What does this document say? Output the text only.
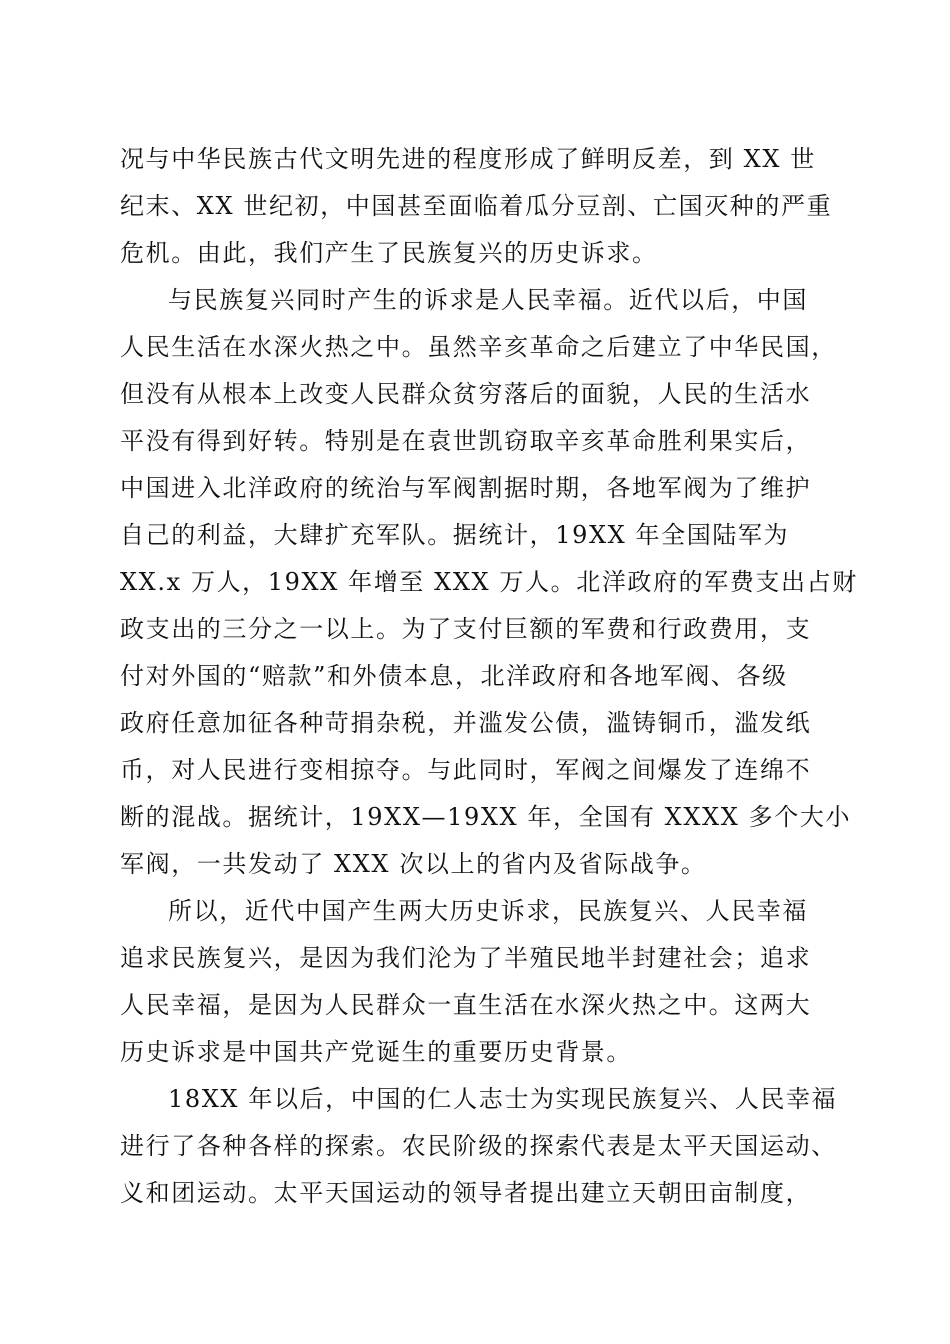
况与中华民族古代文明先进的程度形成了鲜明反差，到 XX 世
纪末、XX 世纪初，中国甚至面临着瓜分豆剖、亡国灭种的严重
危机。由此，我们产生了民族复兴的历史诉求。
与民族复兴同时产生的诉求是人民幸福。近代以后，中国
人民生活在水深火热之中。虽然辛亥革命之后建立了中华民国，
但没有从根本上改变人民群众贫穷落后的面貌，人民的生活水
平没有得到好转。特别是在袁世凯窃取辛亥革命胜利果实后，
中国进入北洋政府的统治与军阀割据时期，各地军阀为了维护
自己的利益，大肆扩充军队。据统计，19XX 年全国陆军为
XX.x 万人，19XX 年增至 XXX 万人。北洋政府的军费支出占财
政支出的三分之一以上。为了支付巨额的军费和行政费用，支
付对外国的“赔款”和外债本息，北洋政府和各地军阀、各级
政府任意加征各种苛捐杂税，并滥发公债，滥铸铜币，滥发纸
币，对人民进行变相掠夺。与此同时，军阀之间爆发了连绵不
断的混战。据统计，19XX—19XX 年，全国有 XXXX 多个大小
军阀，一共发动了 XXX 次以上的省内及省际战争。
所以，近代中国产生两大历史诉求，民族复兴、人民幸福
追求民族复兴，是因为我们沦为了半殖民地半封建社会；追求
人民幸福，是因为人民群众一直生活在水深火热之中。这两大
历史诉求是中国共产党诞生的重要历史背景。
18XX 年以后，中国的仁人志士为实现民族复兴、人民幸福
进行了各种各样的探索。农民阶级的探索代表是太平天国运动、
义和团运动。太平天国运动的领导者提出建立天朝田亩制度，
